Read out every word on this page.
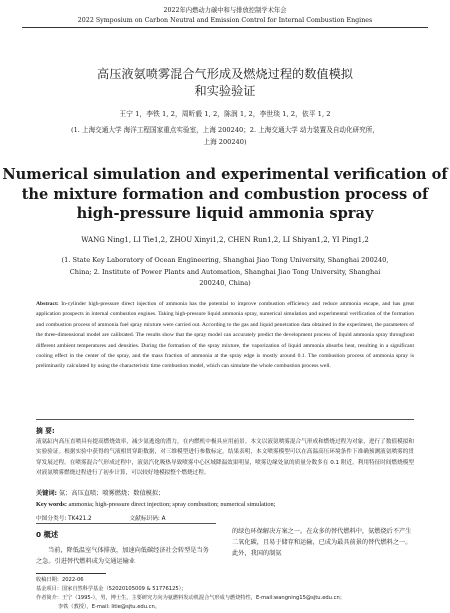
2022年内燃动力碳中和与排放控制学术年会
2022 Symposium on Carbon Neutral and Emission Control for Internal Combustion Engines
高压液氨喷雾混合气形成及燃烧过程的数值模拟
和实验验证
王宁 1，李铁 1, 2，周昕毅 1, 2，陈润 1, 2，李世琰 1, 2，依平 1, 2
(1. 上海交通大学 海洋工程国家重点实验室，上海 200240；2. 上海交通大学 动力装置及自动化研究所，
上海 200240)
Numerical simulation and experimental verification of
the mixture formation and combustion process of
high-pressure liquid ammonia spray
WANG Ning1, LI Tie1,2, ZHOU Xinyi1,2, CHEN Run1,2, LI Shiyan1,2, YI Ping1,2
(1. State Key Laboratory of Ocean Engineering, Shanghai Jiao Tong University, Shanghai 200240,
China; 2. Institute of Power Plants and Automation, Shanghai Jiao Tong University, Shanghai
200240, China)
Abstract: In-cylinder high-pressure direct injection of ammonia has the potential to improve combustion efficiency and reduce ammonia escape, and has great application prospects in internal combustion engines. Taking high-pressure liquid ammonia spray, numerical simulation and experimental verification of the formation and combustion process of ammonia fuel spray mixture were carried out. According to the gas and liquid penetration data obtained in the experiment, the parameters of the three-dimensional model are calibrated. The results show that the spray model can accurately predict the development process of liquid ammonia spray throughout different ambient temperatures and densities. During the formation of the spray mixture, the vaporization of liquid ammonia absorbs heat, resulting in a significant cooling effect in the center of the spray, and the mass fraction of ammonia at the spray edge is mostly around 0.1. The combustion process of ammonia spray is preliminarily calculated by using the characteristic time combustion model, which can simulate the whole combustion process well.
摘 要:
液氨缸内高压直喷具有提高燃烧效率，减少氨逃逸的潜力，在内燃机中极具应用前景。本文以液氨喷雾混合气形成和燃烧过程为对象，进行了数值模拟和实验验证。根据实验中获得的气液相贯穿距数据，对三维模型进行参数标定。结果表明，本文喷雾模型可以在高温高压环境条件下准确预测液氨喷雾的贯穿发展过程。在喷雾混合气形成过程中，液氨汽化吸热导致喷雾中心区域降温效果明显，喷雾边缘处氨的质量分数多在 0.1 附近。利用特征时间燃烧模型对液氨喷雾燃烧过程进行了初步计算，可以较好地模拟整个燃烧过程。
关键词: 氨；高压直喷；喷雾燃烧；数值模拟；
Key words: ammonia; high-pressure direct injection; spray combustion; numerical simulation;
中图分类号: TK421.2	文献标识码: A
0 概述
当前，降低温室气体排放，加速向低碳经济社会转型是当务之急。引进替代燃料成为交通运输业
的绿色环保解决方案之一。在众多的替代燃料中，氨燃烧后不产生二氧化碳，且易于储存和运输，已成为最具前景的替代燃料之一。此外，我国的制氨
收稿日期：2022-06
基金项目：国家自然科学基金（52020105009 & 51776125）；
作者简介：王宁（1995-），男，博士生，主要研究方向为氨燃料发动机混合气形成与燃烧特性，E-mail:wangning15@sjtu.edu.cn；
李铁（教授），E-mail: litie@sjtu.edu.cn。
